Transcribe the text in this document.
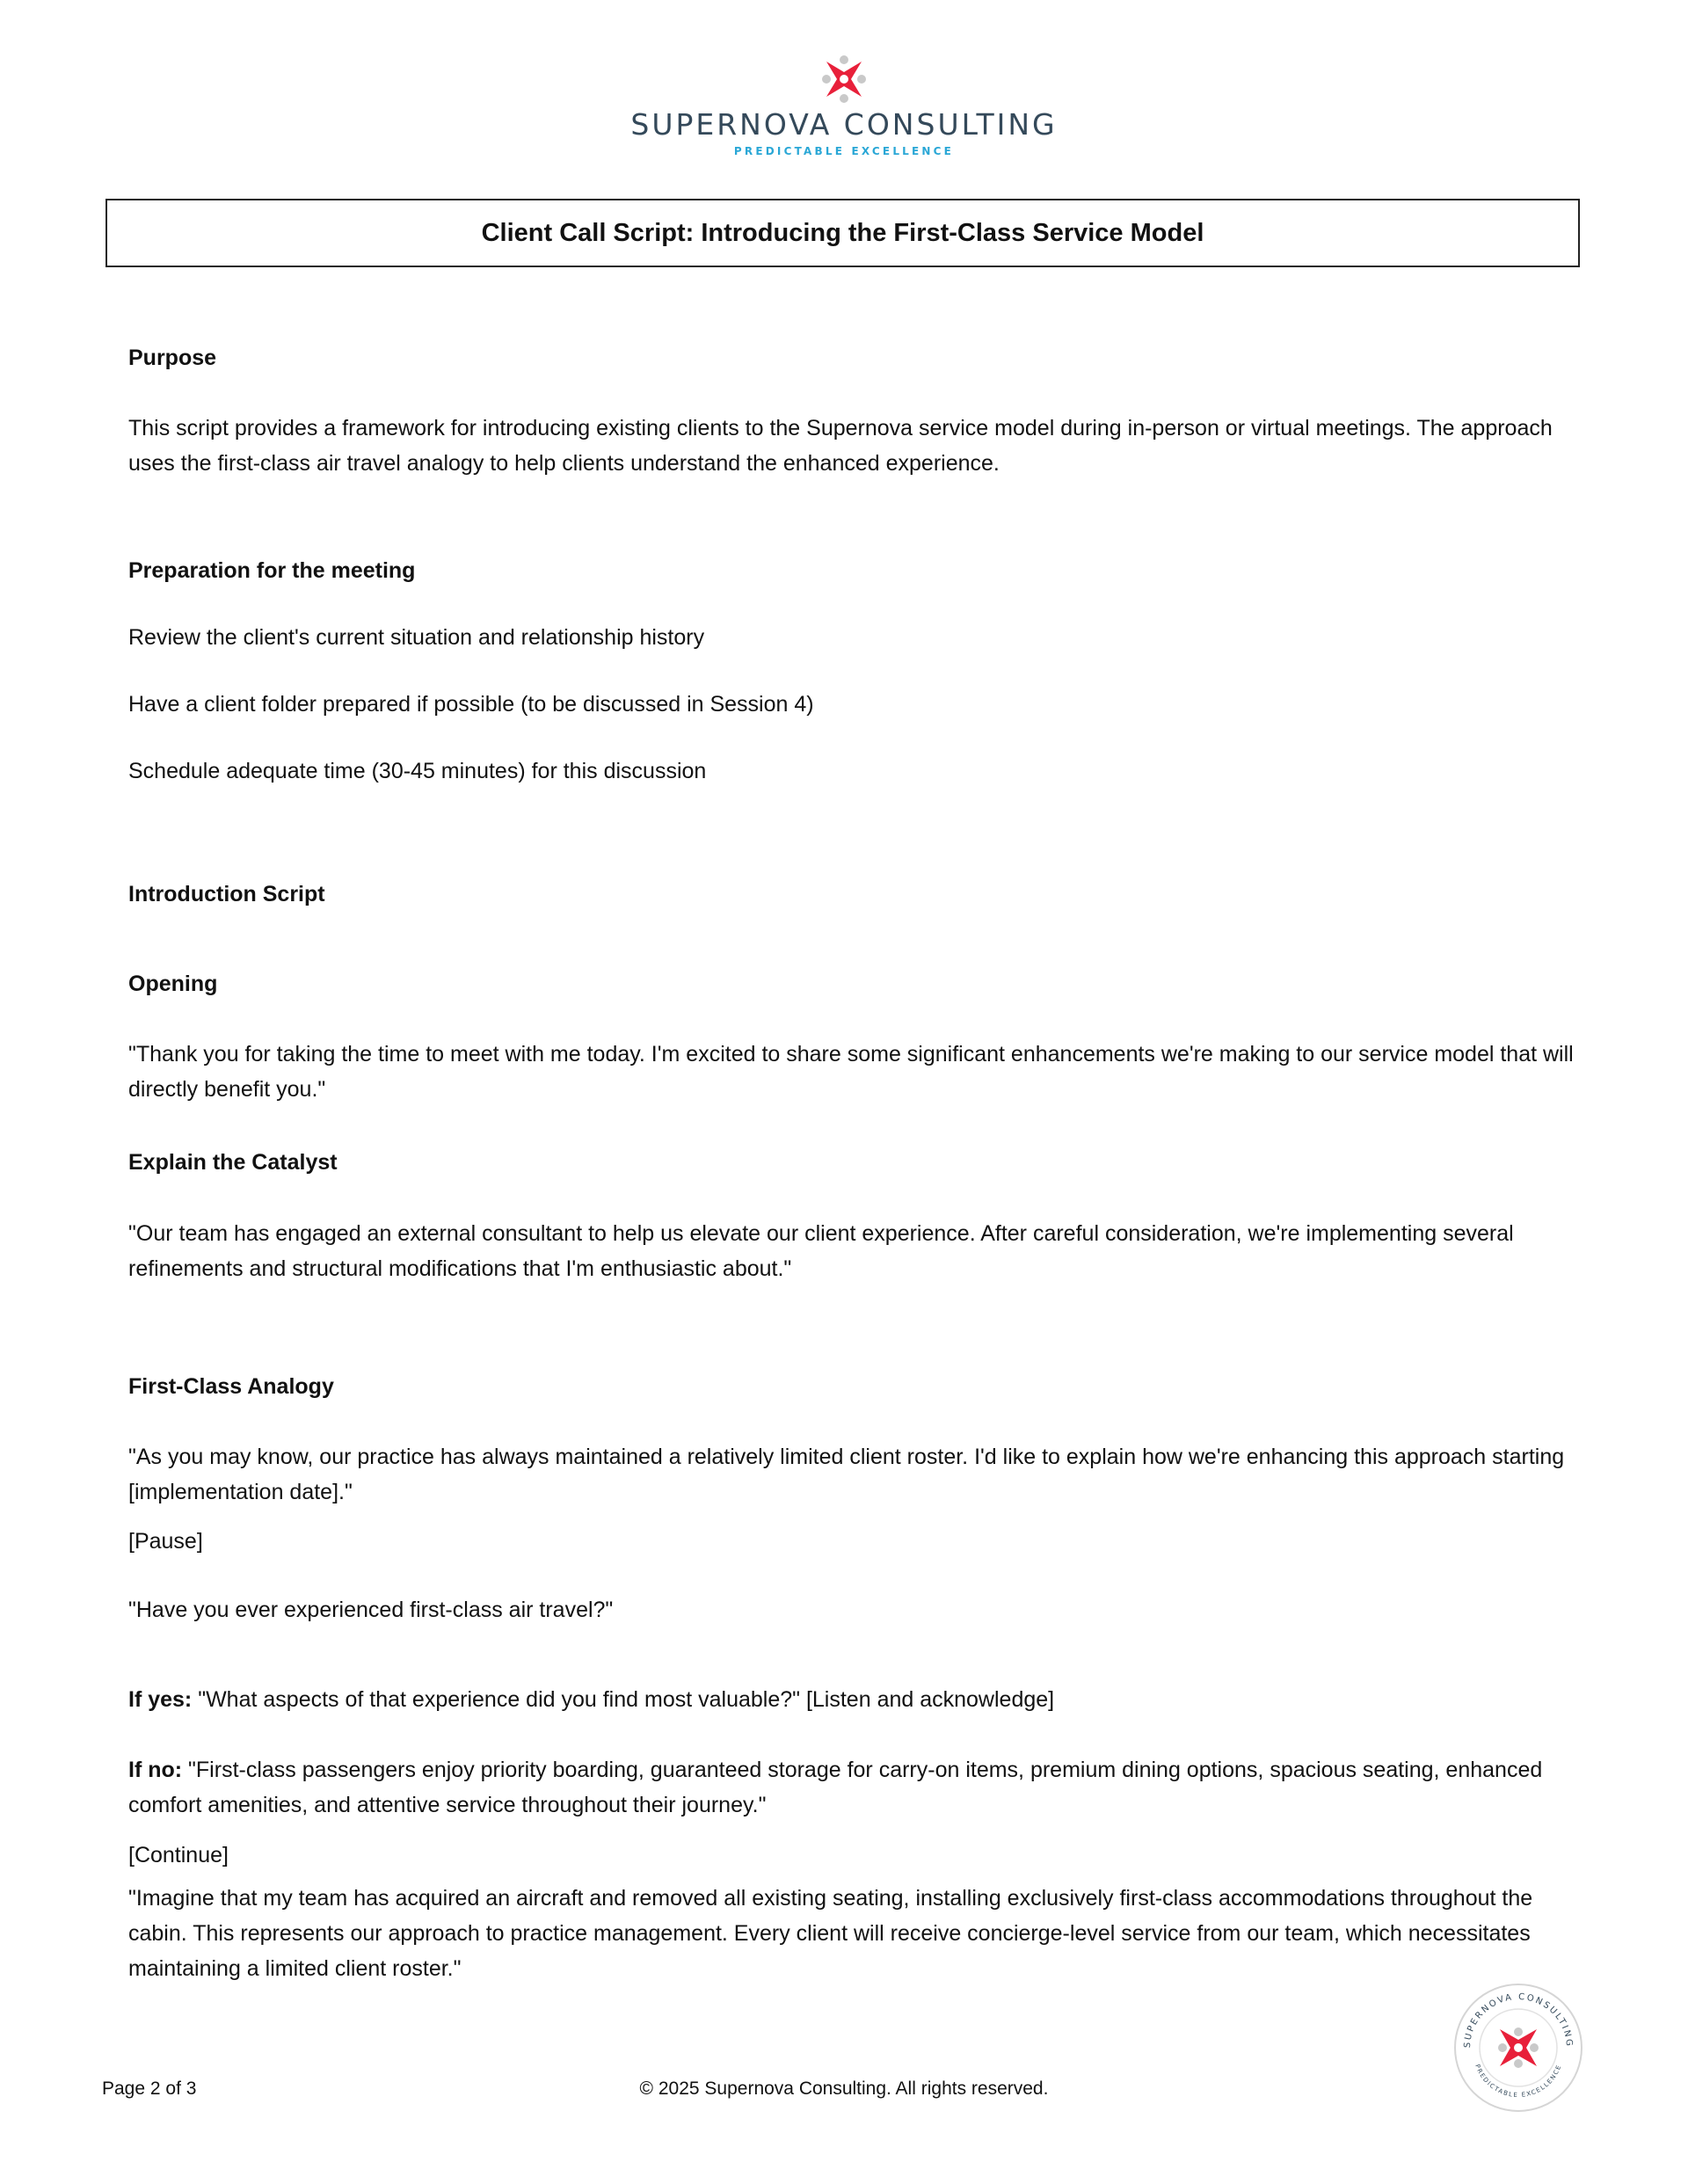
SUPERNOVA CONSULTING
PREDICTABLE EXCELLENCE
Client Call Script: Introducing the First-Class Service Model

Purpose

This script provides a framework for introducing existing clients to the Supernova service model during in-person or virtual meetings. The approach uses the first-class air travel analogy to help clients understand the enhanced experience.

Preparation for the meeting

Review the client's current situation and relationship history

Have a client folder prepared if possible (to be discussed in Session 4)

Schedule adequate time (30-45 minutes) for this discussion

Introduction Script

Opening

"Thank you for taking the time to meet with me today. I'm excited to share some significant enhancements we're making to our service model that will directly benefit you."

Explain the Catalyst

"Our team has engaged an external consultant to help us elevate our client experience. After careful consideration, we're implementing several refinements and structural modifications that I'm enthusiastic about."

First-Class Analogy

"As you may know, our practice has always maintained a relatively limited client roster. I'd like to explain how we're enhancing this approach starting [implementation date]."

[Pause]

"Have you ever experienced first-class air travel?"

If yes: "What aspects of that experience did you find most valuable?" [Listen and acknowledge]

If no: "First-class passengers enjoy priority boarding, guaranteed storage for carry-on items, premium dining options, spacious seating, enhanced comfort amenities, and attentive service throughout their journey."

[Continue]

"Imagine that my team has acquired an aircraft and removed all existing seating, installing exclusively first-class accommodations throughout the cabin. This represents our approach to practice management. Every client will receive concierge-level service from our team, which necessitates maintaining a limited client roster."

Page 2 of 3	© 2025 Supernova Consulting. All rights reserved.
SUPERNOVA CONSULTING
PREDICTABLE EXCELLENCE
